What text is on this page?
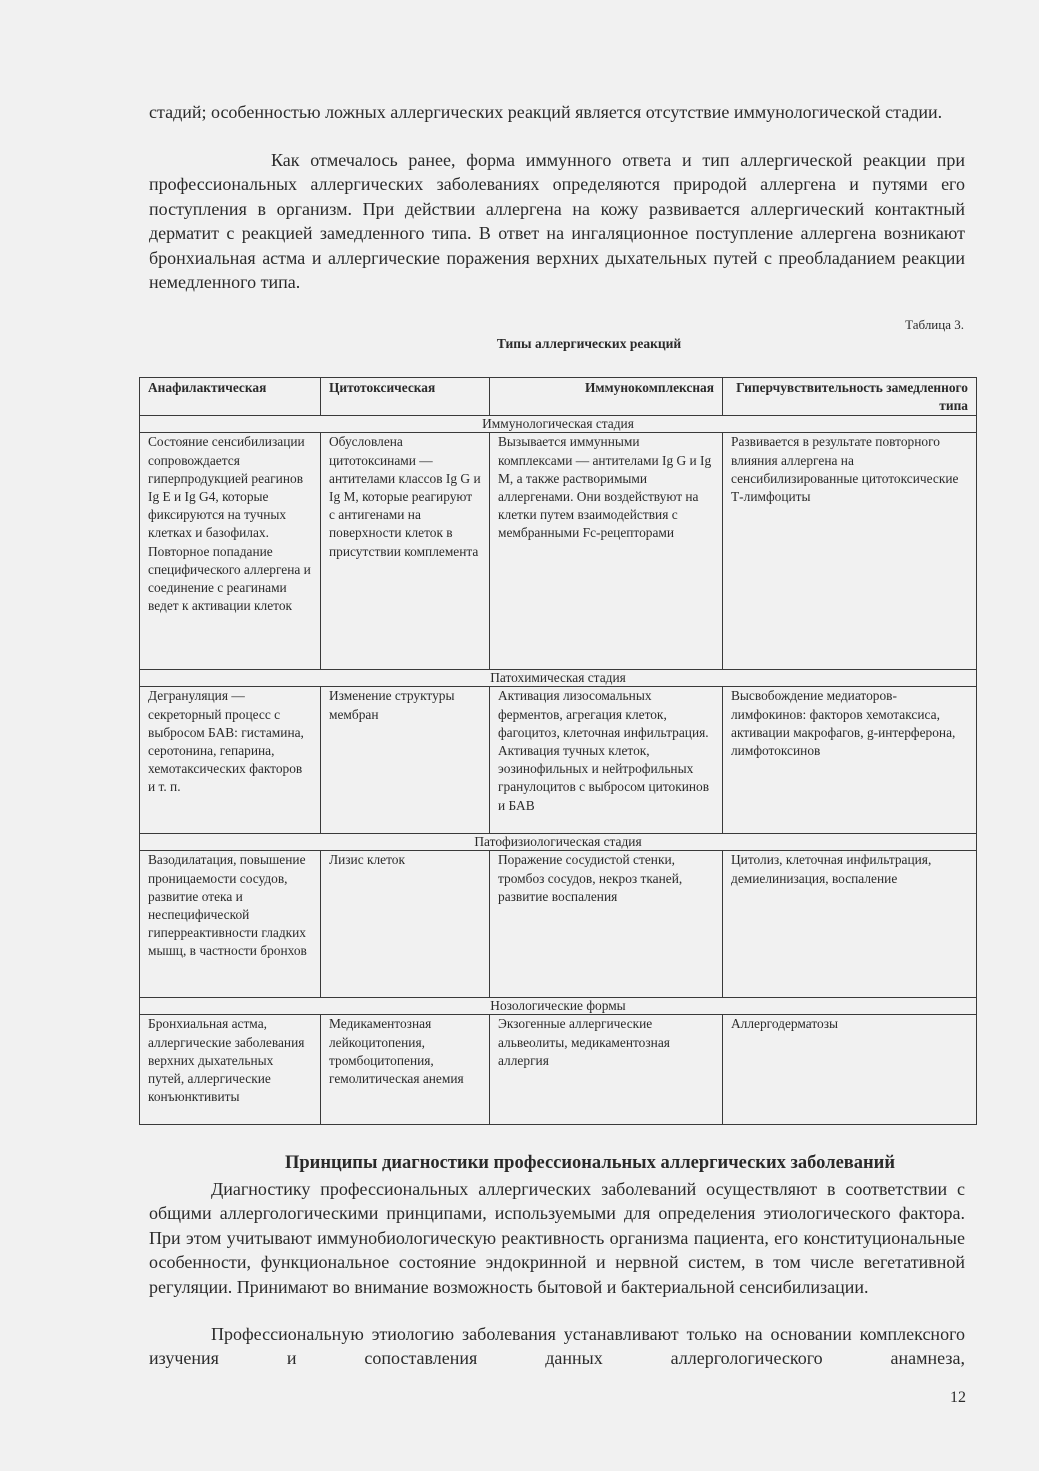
стадий; особенностью ложных аллергических реакций является отсутствие иммунологической стадии.

Как отмечалось ранее, форма иммунного ответа и тип аллергической реакции при профессиональных аллергических заболеваниях определяются природой аллергена и путями его поступления в организм. При действии аллергена на кожу развивается аллергический контактный дерматит с реакцией замедленного типа. В ответ на ингаляционное поступление аллергена возникают бронхиальная астма и аллергические поражения верхних дыхательных путей с преобладанием реакции немедленного типа.

Таблица 3.

Типы аллергических реакций

Анафилактическая	Цитотоксическая	Иммунокомплексная	Гиперчувствительность замедленного типа
Иммунологическая стадия			
Состояние сенсибилизации сопровождается гиперпродукцией реагинов Ig E и Ig G4, которые фиксируются на тучных клетках и базофилах. Повторное попадание специфического аллергена и соединение с реагинами ведет к активации клеток	Обусловлена цитотоксинами — антителами классов Ig G и Ig M, которые реагируют с антигенами на поверхности клеток в присутствии комплемента	Вызывается иммунными комплексами — антителами Ig G и Ig M, а также растворимыми аллергенами. Они воздействуют на клетки путем взаимодействия с мембранными Fc-рецепторами	Развивается в результате повторного влияния аллергена на сенсибилизированные цитотоксические Т-лимфоциты
Патохимическая стадия			
Дегрануляция — секреторный процесс с выбросом БАВ: гистамина, серотонина, гепарина, хемотаксических факторов и т. п.	Изменение структуры мембран	Активация лизосомальных ферментов, агрегация клеток, фагоцитоз, клеточная инфильтрация. Активация тучных клеток, эозинофильных и нейтрофильных гранулоцитов с выбросом цитокинов и БАВ	Высвобождение медиаторов-лимфокинов: факторов хемотаксиса, активации макрофагов, g-интерферона, лимфотоксинов
Патофизиологическая стадия			
Вазодилатация, повышение проницаемости сосудов, развитие отека и неспецифической гиперреактивности гладких мышц, в частности бронхов	Лизис клеток	Поражение сосудистой стенки, тромбоз сосудов, некроз тканей, развитие воспаления	Цитолиз, клеточная инфильтрация, демиелинизация, воспаление
Нозологические формы			
Бронхиальная астма, аллергические заболевания верхних дыхательных путей, аллергические конъюнктивиты	Медикаментозная лейкоцитопения, тромбоцитопения, гемолитическая анемия	Экзогенные аллергические альвеолиты, медикаментозная аллергия	Аллергодерматозы

Принципы диагностики профессиональных аллергических заболеваний

Диагностику профессиональных аллергических заболеваний осуществляют в соответствии с общими аллергологическими принципами, используемыми для определения этиологического фактора. При этом учитывают иммунобиологическую реактивность организма пациента, его конституциональные особенности, функциональное состояние эндокринной и нервной систем, в том числе вегетативной регуляции. Принимают во внимание возможность бытовой и бактериальной сенсибилизации.

Профессиональную этиологию заболевания устанавливают только на основании комплексного изучения и сопоставления данных аллергологического анамнеза,

12
